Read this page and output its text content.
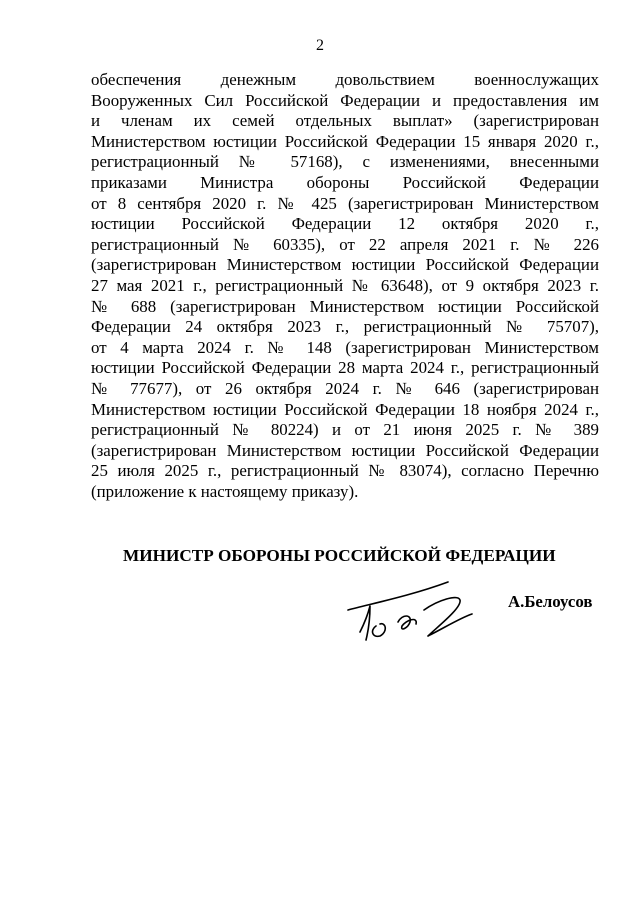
2
обеспечения денежным довольствием военнослужащих
Вооруженных Сил Российской Федерации и предоставления им
и членам их семей отдельных выплат» (зарегистрирован
Министерством юстиции Российской Федерации 15 января 2020 г.,
регистрационный № 57168), с изменениями, внесенными
приказами Министра обороны Российской Федерации
от 8 сентября 2020 г. № 425 (зарегистрирован Министерством
юстиции Российской Федерации 12 октября 2020 г.,
регистрационный № 60335), от 22 апреля 2021 г. № 226
(зарегистрирован Министерством юстиции Российской Федерации
27 мая 2021 г., регистрационный № 63648), от 9 октября 2023 г.
№ 688 (зарегистрирован Министерством юстиции Российской
Федерации 24 октября 2023 г., регистрационный № 75707),
от 4 марта 2024 г. № 148 (зарегистрирован Министерством
юстиции Российской Федерации 28 марта 2024 г., регистрационный
№ 77677), от 26 октября 2024 г. № 646 (зарегистрирован
Министерством юстиции Российской Федерации 18 ноября 2024 г.,
регистрационный № 80224) и от 21 июня 2025 г. № 389
(зарегистрирован Министерством юстиции Российской Федерации
25 июля 2025 г., регистрационный № 83074), согласно Перечню
(приложение к настоящему приказу).
МИНИСТР ОБОРОНЫ РОССИЙСКОЙ ФЕДЕРАЦИИ
А.Белоусов
